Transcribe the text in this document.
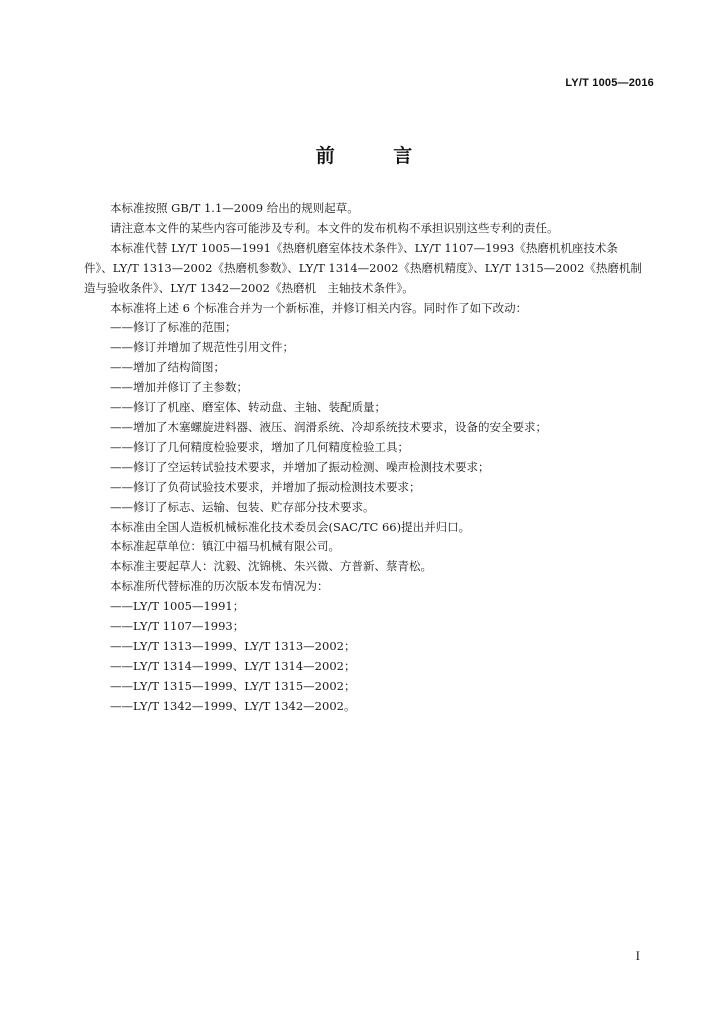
LY/T 1005—2016
前 言

本标准按照 GB/T 1.1—2009 给出的规则起草。

请注意本文件的某些内容可能涉及专利。本文件的发布机构不承担识别这些专利的责任。

本标准代替 LY/T 1005—1991《热磨机磨室体技术条件》、LY/T 1107—1993《热磨机机座技术条

件》、LY/T 1313—2002《热磨机参数》、LY/T 1314—2002《热磨机精度》、LY/T 1315—2002《热磨机制

造与验收条件》、LY/T 1342—2002《热磨机　主轴技术条件》。

本标准将上述 6 个标准合并为一个新标准，并修订相关内容。同时作了如下改动：

——修订了标准的范围；

——修订并增加了规范性引用文件；

——增加了结构简图；

——增加并修订了主参数；

——修订了机座、磨室体、转动盘、主轴、装配质量；

——增加了木塞螺旋进料器、液压、润滑系统、冷却系统技术要求，设备的安全要求；

——修订了几何精度检验要求，增加了几何精度检验工具；

——修订了空运转试验技术要求，并增加了振动检测、噪声检测技术要求；

——修订了负荷试验技术要求，并增加了振动检测技术要求；

——修订了标志、运输、包装、贮存部分技术要求。

本标准由全国人造板机械标准化技术委员会(SAC/TC 66)提出并归口。

本标准起草单位：镇江中福马机械有限公司。

本标准主要起草人：沈毅、沈锦桃、朱兴微、方普新、蔡青松。

本标准所代替标准的历次版本发布情况为：

——LY/T 1005—1991；

——LY/T 1107—1993；

——LY/T 1313—1999、LY/T 1313—2002；

——LY/T 1314—1999、LY/T 1314—2002；

——LY/T 1315—1999、LY/T 1315—2002；

——LY/T 1342—1999、LY/T 1342—2002。

I
